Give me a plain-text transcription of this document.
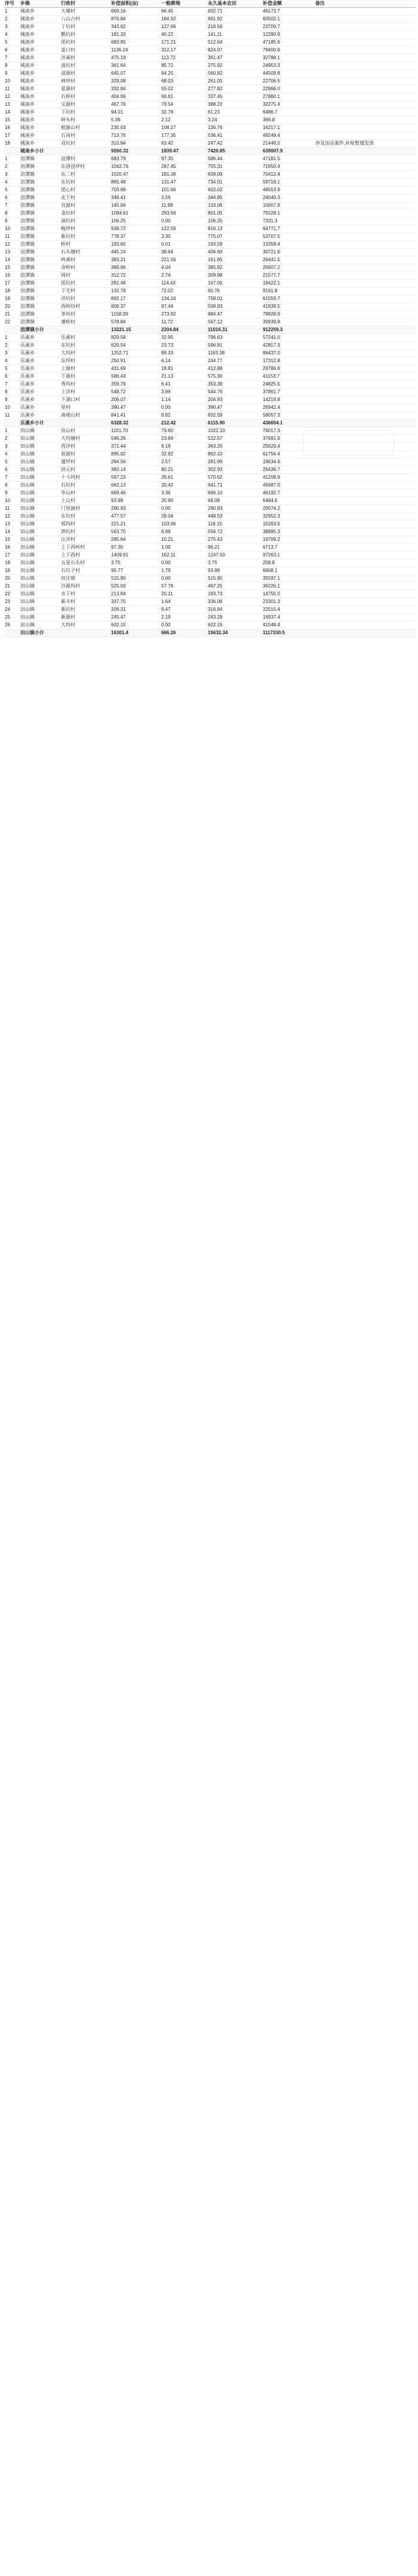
序号	乡镇	行政村	补偿面积(亩)	一般耕地	永久基本农田	补偿金额	备注
1	城南乡	大堰村	669.16	66.45	602.71	46173.7	
2	城南乡	八山古村	876.84	184.92	691.92	60502.1	
3	城南乡	丁坑村	343.62	127.06	216.56	23709.7	
4	城南乡	鹅坑村	181.33	40.22	141.11	12290.9	
5	城南乡	团坑村	683.85	171.21	512.64	47185.6	
6	城南乡	姜口村	1136.24	312.17	824.07	78400.6	
7	城南乡	洋溪村	475.19	113.72	361.47	32788.1	
8	城南乡	清坑村	361.64	85.72	275.92	24953.3	
9	城南乡	清源村	645.07	84.25	560.82	44509.8	
10	城南乡	林坪村	329.08	68.03	261.05	22706.5	
11	城南乡	夏源村	332.84	55.02	277.82	22966.0	
12	城南乡	石桥村	404.06	66.61	337.45	27880.1	
13	城南乡	宝源村	467.76	79.54	388.22	32275.4	
14	城南乡	下坑村	94.01	32.78	61.23	6486.7	
15	城南乡	岭头村	5.36	2.12	3.24	369.8	
16	城南乡	根源山村	235.03	108.27	126.76	16217.1	
17	城南乡	石岗村	713.76	177.35	536.41	49249.4	
18	城南乡	双坑村	310.84	63.42	247.42	21448.0	涉及违法案件,补贴暂缓发放
	城南乡小计		9260.32	1839.47	7420.85	639007.9	
1	渲潭镇	渲潭村	683.79	97.35	586.44	47181.5	
2	渲潭镇	东洛浸坪村	1042.76	287.45	755.31	71950.4	
3	渲潭镇	东二村	1020.47	181.38	839.09	70412.4	
4	渲潭镇	东坑村	865.48	131.47	734.01	59718.1	
5	渲潭镇	团心村	703.68	101.66	602.02	48553.9	
6	渲潭镇	北下村	348.41	3.56	344.85	24040.3	
7	渲潭镇	官源村	145.04	11.98	133.06	10007.8	
8	渲潭镇	金坑村	1094.61	293.56	801.05	75528.1	
9	渲潭镇	洞坑村	106.25	0.00	106.25	7331.3	
10	渲潭镇	梅坪村	938.72	122.59	816.13	64771.7	
11	渲潭镇	新坑村	778.37	3.30	775.07	53707.5	
12	渲潭镇	桥村	193.60	0.01	193.59	13358.4	
13	渲潭镇	石头塘村	445.24	38.64	406.60	30721.6	
14	渲潭镇	岭溪村	383.21	221.56	161.65	26441.5	
15	渲潭镇	舍岭村	389.96	4.04	385.92	26907.2	
16	渲潭镇	周村	312.72	2.74	309.98	21577.7	
17	渲潭镇	团坑村	281.48	114.43	167.05	19422.1	
18	渲潭镇	下宅村	132.78	72.02	60.76	9161.8	
19	渲潭镇	洋坑村	892.17	134.16	758.01	61559.7	
20	渲潭镇	西岭坊村	606.37	97.44	508.93	41839.5	
21	渲潭镇	茶坞村	1158.39	273.92	884.47	79928.9	
22	渲潭镇	潘桥村	578.84	11.72	567.12	39939.9	
	渲潭镇小计		13221.15	2204.84	11016.31	912259.3	
1	乐溪乡	乐溪村	829.58	32.95	796.63	57241.0	
2	乐溪乡	东坑村	620.54	23.73	596.81	42817.3	
3	乐溪乡	大坞村	1252.71	89.33	1163.38	86437.0	
4	乐溪乡	东坪村	250.91	6.14	244.77	17312.8	
5	乐溪乡	上源村	431.69	18.81	412.88	29786.6	
6	乐溪乡	下源村	596.43	21.13	575.30	41153.7	
7	乐溪乡	秀坞村	359.79	6.41	353.38	24825.5	
8	乐溪乡	上洋村	548.72	3.96	544.76	37861.7	
9	乐溪乡	下湖口村	206.07	1.14	204.93	14218.8	
10	乐溪乡	里村	390.47	0.00	390.47	26942.4	
11	乐溪乡	南埂山村	841.41	8.82	832.59	58057.3	
	乐溪乡小计		6328.32	212.42	6115.90	436654.1	
1	田山镇	田山村	1101.70	79.60	1022.10	76017.3	
2	田山镇	大坞塘村	546.26	23.69	522.57	37691.9	
3	田山镇	西洋村	371.44	8.18	363.26	25629.4	
4	田山镇	前源村	895.02	32.92	862.10	61756.4	
5	田山镇	蒲坪村	284.56	2.57	281.99	19634.6	
6	田山镇	田元村	383.14	80.21	302.93	26436.7	
7	田山镇	十斗坞村	597.23	26.61	570.62	41208.9	
8	田山镇	石坑村	662.13	20.42	641.71	45687.0	
9	田山镇	华山村	669.46	3.36	666.10	46192.7	
10	田山镇	上山村	93.98	25.90	68.08	6484.6	
11	田山镇	门里源村	290.93	0.00	290.93	20074.2	
12	田山镇	东坑村	477.57	28.04	449.53	32952.3	
13	田山镇	郭坞村	221.21	103.06	118.15	15263.5	
14	田山镇	泗坑村	563.70	6.98	556.72	38895.3	
15	田山镇	汪洋村	285.64	10.21	275.43	19709.2	
16	田山镇	上下西岭村	97.30	1.09	96.21	6713.7	
17	田山镇	上下西村	1409.61	162.11	1247.50	97263.1	
18	田山镇	五星石头村	3.75	0.00	3.75	258.8	
19	田山镇	石坑子村	95.77	1.79	93.98	6608.1	
20	田山镇	田庄坡	515.90	0.00	515.90	35597.1	
21	田山镇	沙源坞村	525.03	57.78	467.25	36226.1	
22	田山镇	水下村	213.84	20.11	193.73	14755.0	
23	田山镇	新丰村	337.70	1.64	336.06	23301.3	
24	田山镇	新坑村	326.31	9.47	316.84	22515.4	
25	田山镇	新源村	245.47	2.19	243.28	16937.4	
26	田山镇	大坞村	602.15	0.00	602.15	41548.4	
	田山镇小计		16301.4	666.26	15632.34	1117330.5	
